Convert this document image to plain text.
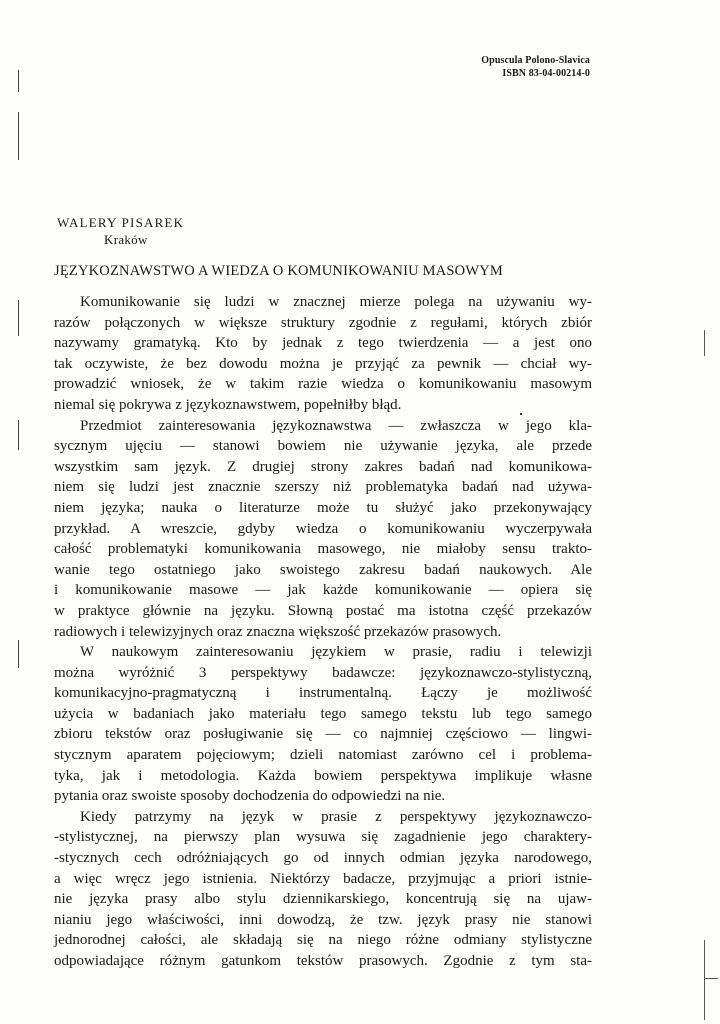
Opuscula Polono-Slavica
ISBN 83-04-00214-0
WALERY PISAREK
Kraków
JĘZYKOZNAWSTWO A WIEDZA O KOMUNIKOWANIU MASOWYM
Komunikowanie się ludzi w znacznej mierze polega na używaniu wy-
razów połączonych w większe struktury zgodnie z regułami, których zbiór
nazywamy gramatyką. Kto by jednak z tego twierdzenia — a jest ono
tak oczywiste, że bez dowodu można je przyjąć za pewnik — chciał wy-
prowadzić wniosek, że w takim razie wiedza o komunikowaniu masowym
niemal się pokrywa z językoznawstwem, popełniłby błąd.
Przedmiot zainteresowania językoznawstwa — zwłaszcza w jego kla-
sycznym ujęciu — stanowi bowiem nie używanie języka, ale przede
wszystkim sam język. Z drugiej strony zakres badań nad komunikowa-
niem się ludzi jest znacznie szerszy niż problematyka badań nad używa-
niem języka; nauka o literaturze może tu służyć jako przekonywający
przykład. A wreszcie, gdyby wiedza o komunikowaniu wyczerpywała
całość problematyki komunikowania masowego, nie miałoby sensu trakto-
wanie tego ostatniego jako swoistego zakresu badań naukowych. Ale
i komunikowanie masowe — jak każde komunikowanie — opiera się
w praktyce głównie na języku. Słowną postać ma istotna część przekazów
radiowych i telewizyjnych oraz znaczna większość przekazów prasowych.
W naukowym zainteresowaniu językiem w prasie, radiu i telewizji
można wyróżnić 3 perspektywy badawcze: językoznawczo-stylistyczną,
komunikacyjno-pragmatyczną i instrumentalną. Łączy je możliwość
użycia w badaniach jako materiału tego samego tekstu lub tego samego
zbioru tekstów oraz posługiwanie się — co najmniej częściowo — lingwi-
stycznym aparatem pojęciowym; dzieli natomiast zarówno cel i problema-
tyka, jak i metodologia. Każda bowiem perspektywa implikuje własne
pytania oraz swoiste sposoby dochodzenia do odpowiedzi na nie.
Kiedy patrzymy na język w prasie z perspektywy językoznawczo-
-stylistycznej, na pierwszy plan wysuwa się zagadnienie jego charaktery-
-stycznych cech odróżniających go od innych odmian języka narodowego,
a więc wręcz jego istnienia. Niektórzy badacze, przyjmując a priori istnie-
nie języka prasy albo stylu dziennikarskiego, koncentrują się na ujaw-
nianiu jego właściwości, inni dowodzą, że tzw. język prasy nie stanowi
jednorodnej całości, ale składają się na niego różne odmiany stylistyczne
odpowiadające różnym gatunkom tekstów prasowych. Zgodnie z tym sta-
